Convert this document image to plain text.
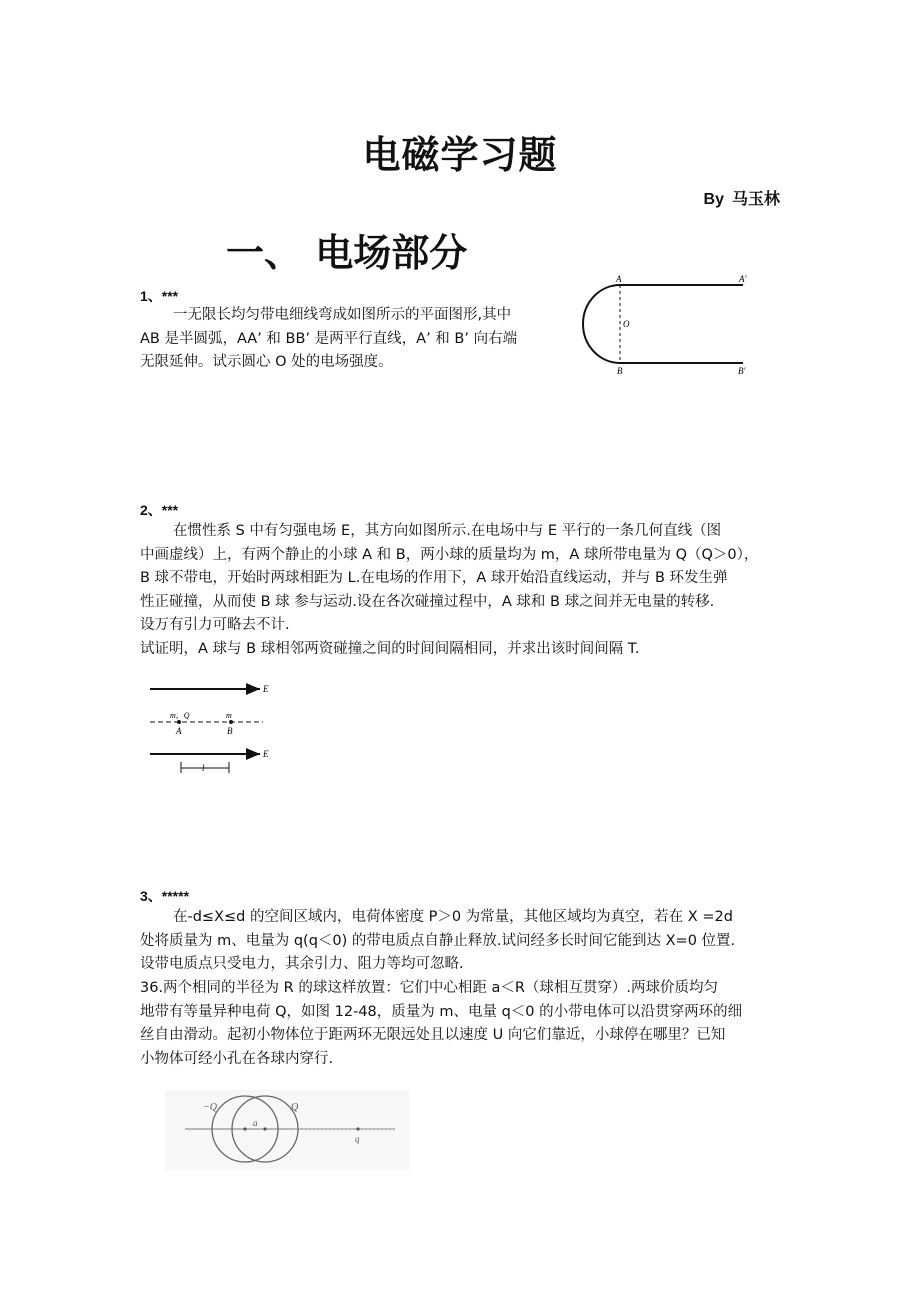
电磁学习题
By 马玉林
一、 电场部分
1、***
一无限长均匀带电细线弯成如图所示的平面图形,其中
AB 是半圆弧，AA’ 和 BB’ 是两平行直线，A’ 和 B’ 向右端
无限延伸。试示圆心 O 处的电场强度。
A	A′
O
B	B′
2、***
在惯性系 S 中有匀强电场 E，其方向如图所示.在电场中与 E 平行的一条几何直线（图
中画虚线）上，有两个静止的小球 A 和 B，两小球的质量均为 m，A 球所带电量为 Q（Q＞0），
B 球不带电，开始时两球相距为 L.在电场的作用下，A 球开始沿直线运动，并与 B 环发生弹
性正碰撞，从而使 B 球 参与运动.设在各次碰撞过程中，A 球和 B 球之间并无电量的转移.
设万有引力可略去不计.
试证明，A 球与 B 球相邻两资碰撞之间的时间间隔相同，并求出该时间间隔 T.
E
m，Q	m
A	B
E
l
3、*****
在-d≤X≤d 的空间区域内，电荷体密度 P＞0 为常量，其他区域均为真空，若在 X =2d
处将质量为 m、电量为 q(q＜0) 的带电质点自静止释放.试问经多长时间它能到达 X=0 位置.
设带电质点只受电力，其余引力、阻力等均可忽略.
36.两个相同的半径为 R 的球这样放置：它们中心相距 a＜R（球相互贯穿）.两球价质均匀
地带有等量异种电荷 Q，如图 12-48，质量为 m、电量 q＜0 的小带电体可以沿贯穿两环的细
丝自由滑动。起初小物体位于距两环无限远处且以速度 U 向它们靠近，小球停在哪里？已知
小物体可经小孔在各球内穿行.
−Q	Q
a
q
